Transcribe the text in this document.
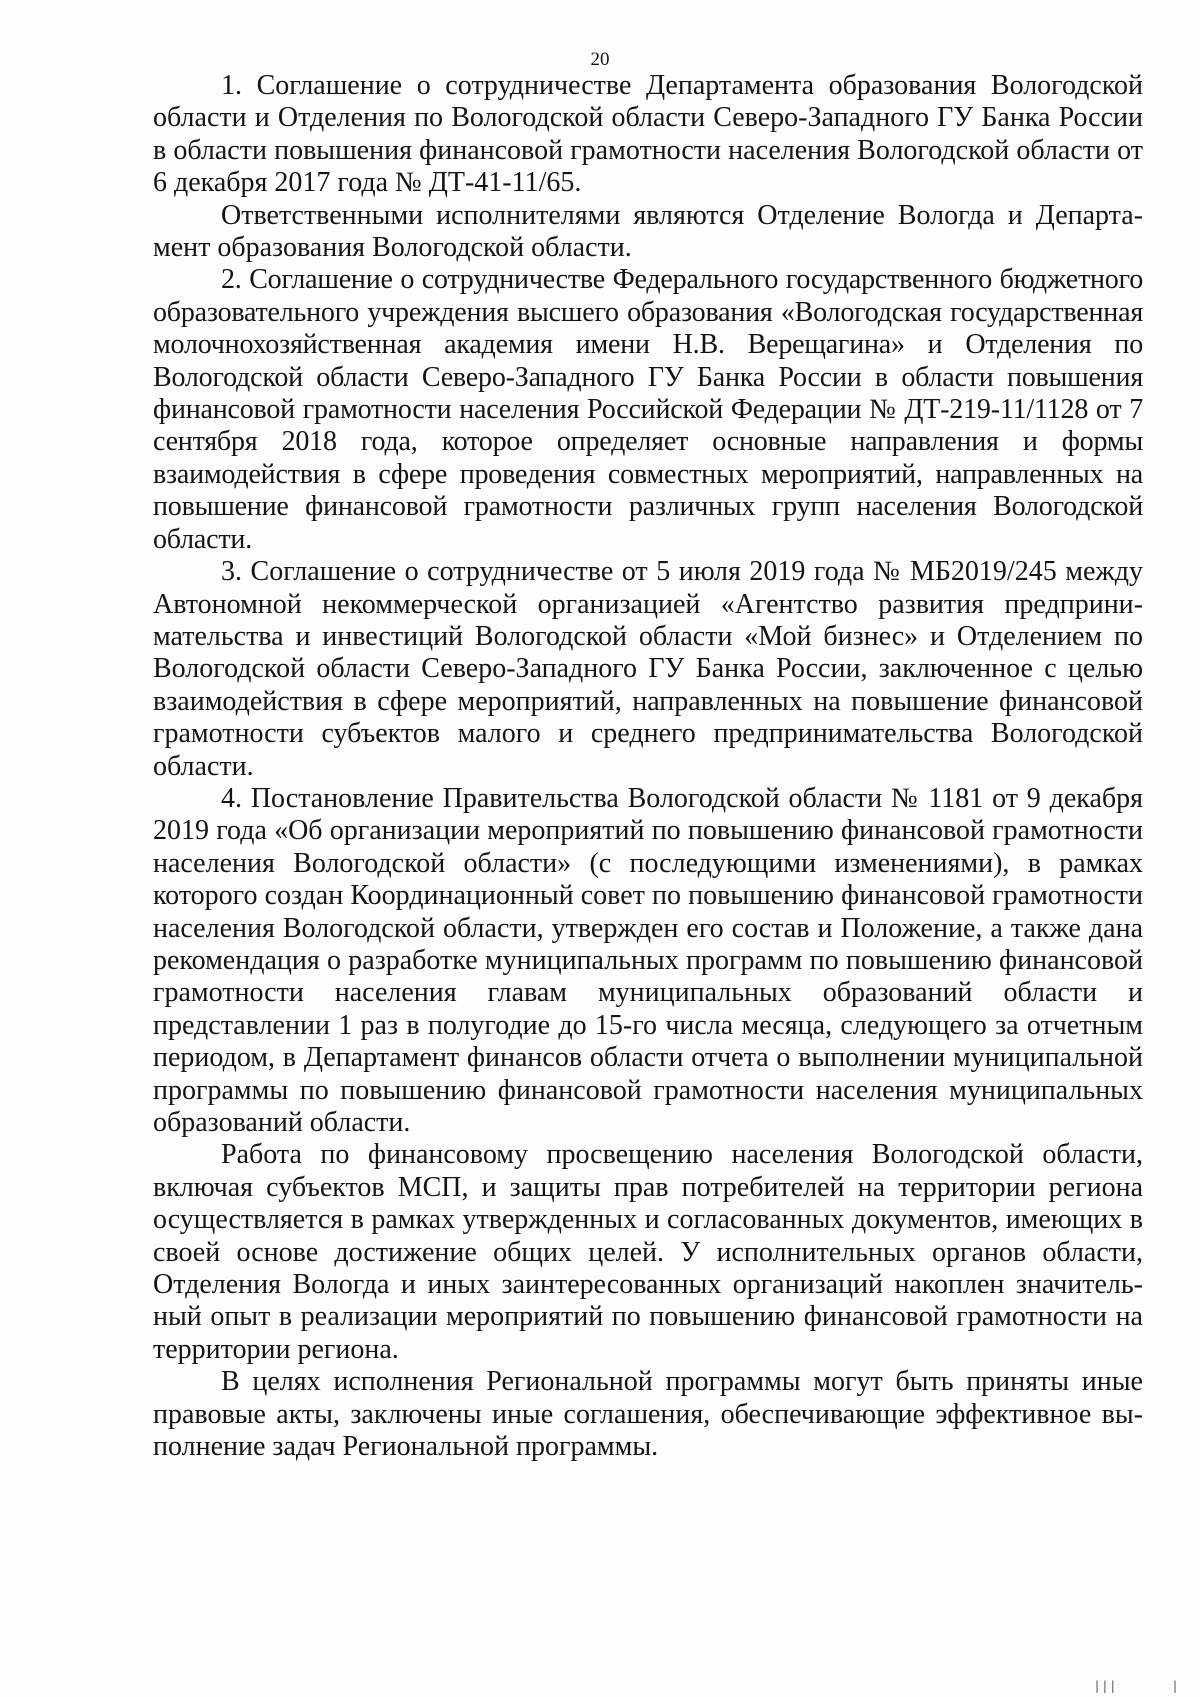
20

1. Соглашение о сотрудничестве Департамента образования Вологодской области и Отделения по Вологодской области Северо-Западного ГУ Банка России в области повышения финансовой грамотности населения Вологодской области от 6 декабря 2017 года № ДТ-41-11/65.

Ответственными исполнителями являются Отделение Вологда и Департамент образования Вологодской области.

2. Соглашение о сотрудничестве Федерального государственного бюджетного образовательного учреждения высшего образования «Вологодская государственная молочнохозяйственная академия имени Н.В. Верещагина» и Отделения по Вологодской области Северо-Западного ГУ Банка России в области повышения финансовой грамотности населения Российской Федерации № ДТ-219-11/1128 от 7 сентября 2018 года, которое определяет основные направления и формы взаимодействия в сфере проведения совместных мероприятий, направленных на повышение финансовой грамотности различных групп населения Вологодской области.

3. Соглашение о сотрудничестве от 5 июля 2019 года № МБ2019/245 между Автономной некоммерческой организацией «Агентство развития предпринимательства и инвестиций Вологодской области «Мой бизнес» и Отделением по Вологодской области Северо-Западного ГУ Банка России, заключенное с целью взаимодействия в сфере мероприятий, направленных на повышение финансовой грамотности субъектов малого и среднего предпринимательства Вологодской области.

4. Постановление Правительства Вологодской области № 1181 от 9 декабря 2019 года «Об организации мероприятий по повышению финансовой грамотности населения Вологодской области» (с последующими изменениями), в рамках которого создан Координационный совет по повышению финансовой грамотности населения Вологодской области, утвержден его состав и Положение, а также дана рекомендация о разработке муниципальных программ по повышению финансовой грамотности населения главам муниципальных образований области и представлении 1 раз в полугодие до 15-го числа месяца, следующего за отчетным периодом, в Департамент финансов области отчета о выполнении муниципальной программы по повышению финансовой грамотности населения муниципальных образований области.

Работа по финансовому просвещению населения Вологодской области, включая субъектов МСП, и защиты прав потребителей на территории региона осуществляется в рамках утвержденных и согласованных документов, имеющих в своей основе достижение общих целей. У исполнительных органов области, Отделения Вологда и иных заинтересованных организаций накоплен значительный опыт в реализации мероприятий по повышению финансовой грамотности на территории региона.

В целях исполнения Региональной программы могут быть приняты иные правовые акты, заключены иные соглашения, обеспечивающие эффективное выполнение задач Региональной программы.

| | |	|
